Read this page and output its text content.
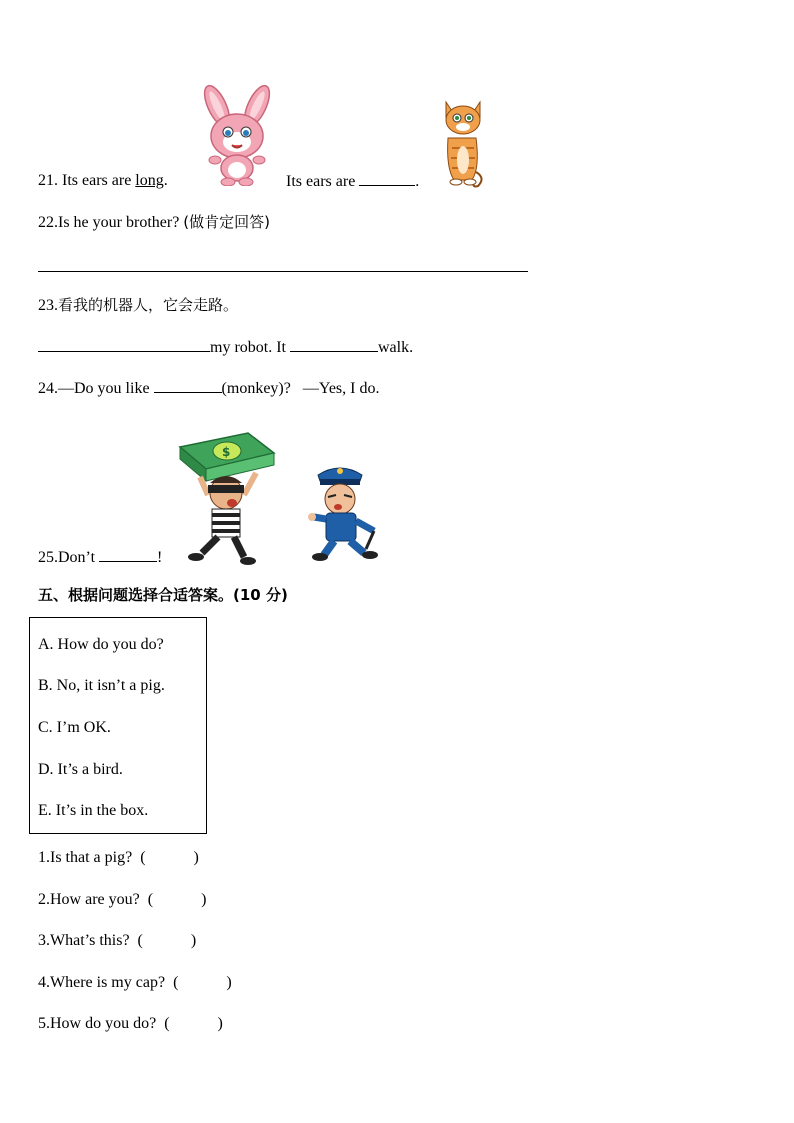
21. Its ears are long.	Its ears are	.
22.Is he your brother? (做肯定回答)
23.看我的机器人，它会走路。
my robot. It	walk.
24.—Do you like	(monkey)? —Yes, I do.
$
25.Don’t	!
五、根据问题选择合适答案。(10 分)
A. How do you do?
B. No, it isn’t a pig.
C. I’m OK.
D. It’s a bird.
E. It’s in the box.
1.Is that a pig? (	)
2.How are you? (	)
3.What’s this? (	)
4.Where is my cap? (	)
5.How do you do? (	)
